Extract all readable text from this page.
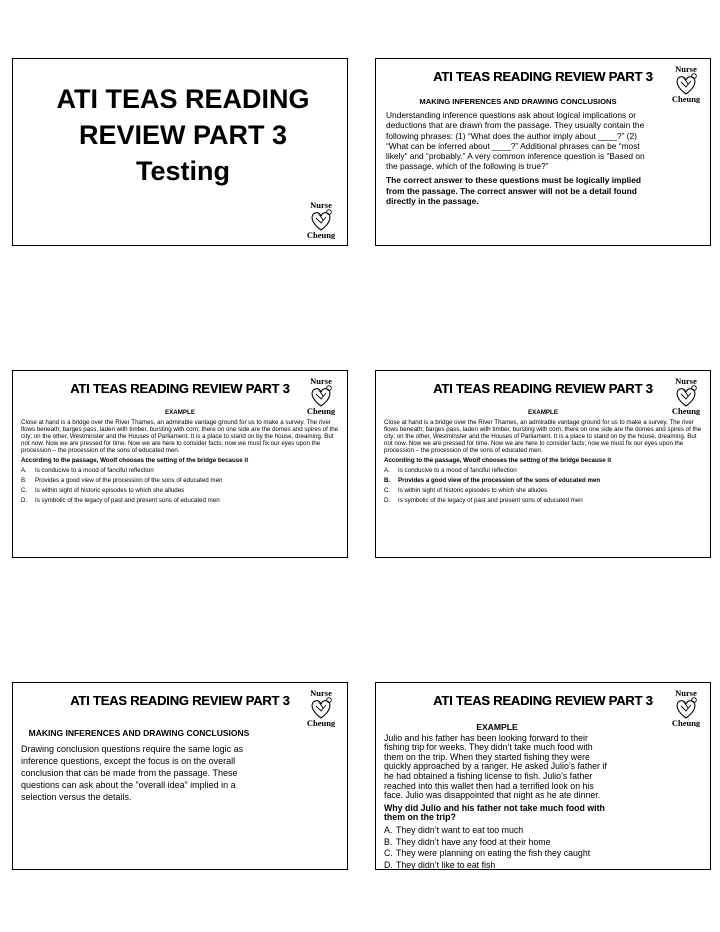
ATI TEAS READING
REVIEW PART 3
Testing
Nurse
Cheung
ATI TEAS READING REVIEW PART 3	Nurse
Cheung
MAKING INFERENCES AND DRAWING CONCLUSIONS

Understanding inference questions ask about logical implications or deductions that are drawn from the passage. They usually contain the following phrases: (1) “What does the author imply about ____?” (2) “What can be inferred about ____?” Additional phrases can be “most likely” and “probably.” A very common inference question is “Based on the passage, which of the following is true?”

The correct answer to these questions must be logically implied from the passage. The correct answer will not be a detail found directly in the passage.

ATI TEAS READING REVIEW PART 3	Nurse
Cheung
EXAMPLE

Close at hand is a bridge over the River Thames, an admirable vantage ground for us to make a survey. The river flows beneath; barges pass, laden with timber, bursting with corn; there on one side are the domes and spires of the city; on the other, Westminster and the Houses of Parliament. It is a place to stand on by the house, dreaming. But not now. Now we are pressed for time. Now we are here to consider facts; now we must fix our eyes upon the procession – the procession of the sons of educated men.

According to the passage, Woolf chooses the setting of the bridge because it
A. Is conducive to a mood of fanciful reflection
B. Provides a good view of the procession of the sons of educated men
C. Is within sight of historic episodes to which she alludes
D. Is symbolic of the legacy of past and present sons of educated men
ATI TEAS READING REVIEW PART 3	Nurse
Cheung
EXAMPLE

Close at hand is a bridge over the River Thames, an admirable vantage ground for us to make a survey. The river flows beneath; barges pass, laden with timber, bursting with corn; there on one side are the domes and spires of the city; on the other, Westminster and the Houses of Parliament. It is a place to stand on by the house, dreaming. But not now. Now we are pressed for time. Now we are here to consider facts; now we must fix our eyes upon the procession – the procession of the sons of educated men.

According to the passage, Woolf chooses the setting of the bridge because it
A. Is conducive to a mood of fanciful reflection
B. Provides a good view of the procession of the sons of educated men
C. Is within sight of historic episodes to which she alludes
D. Is symbolic of the legacy of past and present sons of educated men
ATI TEAS READING REVIEW PART 3	Nurse
Cheung
MAKING INFERENCES AND DRAWING CONCLUSIONS

Drawing conclusion questions require the same logic as inference questions, except the focus is on the overall conclusion that can be made from the passage. These questions can ask about the ”overall idea” implied in a selection versus the details.

ATI TEAS READING REVIEW PART 3	Nurse
Cheung
EXAMPLE

Julio and his father has been looking forward to their fishing trip for weeks. They didn’t take much food with them on the trip. When they started fishing they were quickly approached by a ranger. He asked Julio’s father if he had obtained a fishing license to fish. Julio’s father reached into this wallet then had a terrified look on his face. Julio was disappointed that night as he ate dinner.

Why did Julio and his father not take much food with them on the trip?
A. They didn’t want to eat too much
B. They didn’t have any food at their home
C. They were planning on eating the fish they caught
D. They didn’t like to eat fish
